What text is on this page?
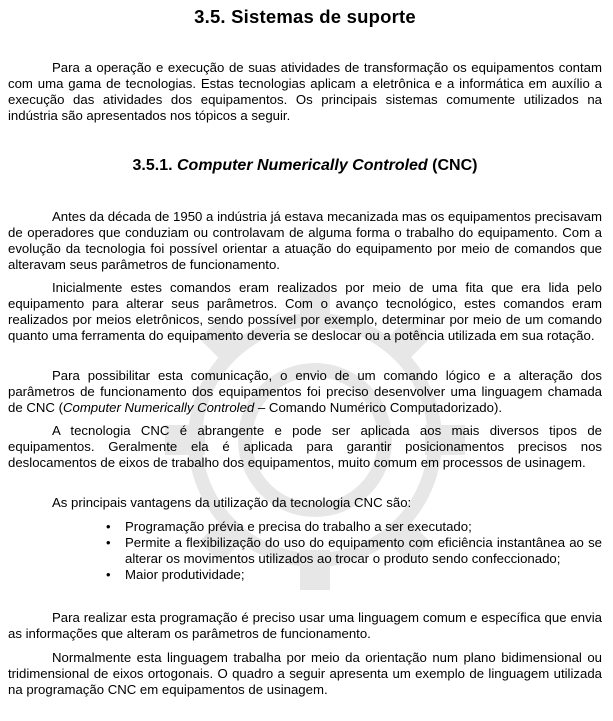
3.5. Sistemas de suporte

Para a operação e execução de suas atividades de transformação os equipamentos contam com uma gama de tecnologias. Estas tecnologias aplicam a eletrônica e a informática em auxílio a execução das atividades dos equipamentos. Os principais sistemas comumente utilizados na indústria são apresentados nos tópicos a seguir.

3.5.1. Computer Numerically Controled (CNC)

Antes da década de 1950 a indústria já estava mecanizada mas os equipamentos precisavam de operadores que conduziam ou controlavam de alguma forma o trabalho do equipamento. Com a evolução da tecnologia foi possível orientar a atuação do equipamento por meio de comandos que alteravam seus parâmetros de funcionamento.

Inicialmente estes comandos eram realizados por meio de uma fita que era lida pelo equipamento para alterar seus parâmetros. Com o avanço tecnológico, estes comandos eram realizados por meios eletrônicos, sendo possível por exemplo, determinar por meio de um comando quanto uma ferramenta do equipamento deveria se deslocar ou a potência utilizada em sua rotação.

Para possibilitar esta comunicação, o envio de um comando lógico e a alteração dos parâmetros de funcionamento dos equipamentos foi preciso desenvolver uma linguagem chamada de CNC (Computer Numerically Controled – Comando Numérico Computadorizado).

A tecnologia CNC é abrangente e pode ser aplicada aos mais diversos tipos de equipamentos. Geralmente ela é aplicada para garantir posicionamentos precisos nos deslocamentos de eixos de trabalho dos equipamentos, muito comum em processos de usinagem.

As principais vantagens da utilização da tecnologia CNC são:

• Programação prévia e precisa do trabalho a ser executado;
• Permite a flexibilização do uso do equipamento com eficiência instantânea ao se alterar os movimentos utilizados ao trocar o produto sendo confeccionado;
• Maior produtividade;

Para realizar esta programação é preciso usar uma linguagem comum e específica que envia as informações que alteram os parâmetros de funcionamento.

Normalmente esta linguagem trabalha por meio da orientação num plano bidimensional ou tridimensional de eixos ortogonais. O quadro a seguir apresenta um exemplo de linguagem utilizada na programação CNC em equipamentos de usinagem.
